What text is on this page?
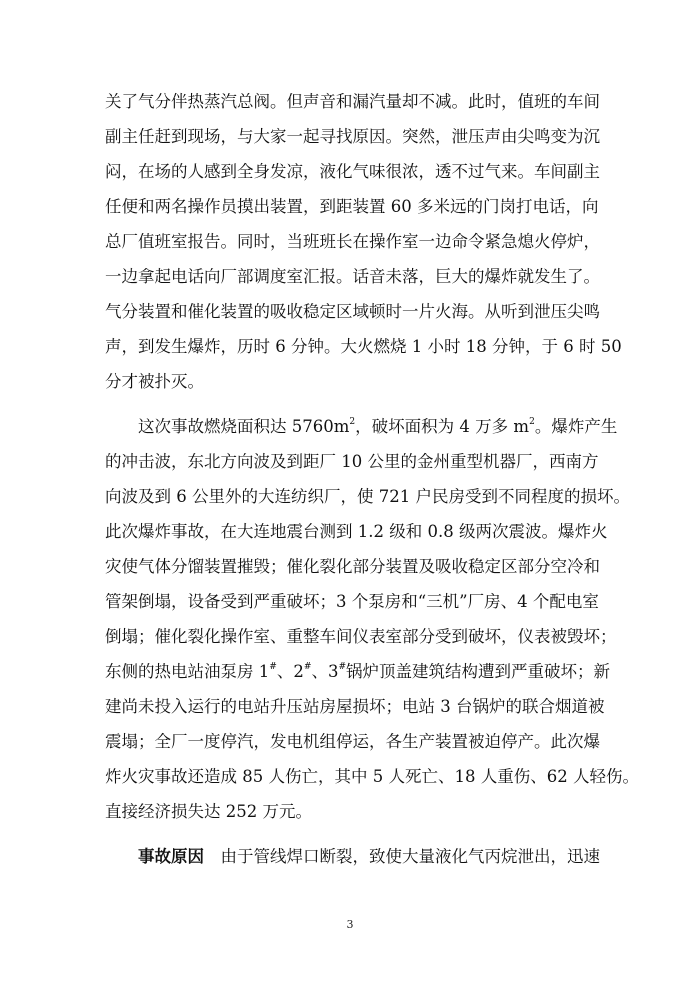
关了气分伴热蒸汽总阀。但声音和漏汽量却不减。此时，值班的车间
副主任赶到现场，与大家一起寻找原因。突然，泄压声由尖鸣变为沉
闷，在场的人感到全身发凉，液化气味很浓，透不过气来。车间副主
任便和两名操作员摸出装置，到距装置 60 多米远的门岗打电话，向
总厂值班室报告。同时，当班班长在操作室一边命令紧急熄火停炉，
一边拿起电话向厂部调度室汇报。话音未落，巨大的爆炸就发生了。
气分装置和催化装置的吸收稳定区域顿时一片火海。从听到泄压尖鸣
声，到发生爆炸，历时 6 分钟。大火燃烧 1 小时 18 分钟，于 6 时 50
分才被扑灭。
这次事故燃烧面积达 $5760m^2$，破坏面积为 4 万多 $m^2$。爆炸产生
的冲击波，东北方向波及到距厂 10 公里的金州重型机器厂，西南方
向波及到 6 公里外的大连纺织厂，使 721 户民房受到不同程度的损坏。
此次爆炸事故，在大连地震台测到 1.2 级和 0.8 级两次震波。爆炸火
灾使气体分馏装置摧毁；催化裂化部分装置及吸收稳定区部分空冷和
管架倒塌，设备受到严重破坏；3 个泵房和“三机”厂房、4 个配电室
倒塌；催化裂化操作室、重整车间仪表室部分受到破坏，仪表被毁坏；
东侧的热电站油泵房 1#、2#、3#锅炉顶盖建筑结构遭到严重破坏；新
建尚未投入运行的电站升压站房屋损坏；电站 3 台锅炉的联合烟道被
震塌；全厂一度停汽，发电机组停运，各生产装置被迫停产。此次爆
炸火灾事故还造成 85 人伤亡，其中 5 人死亡、18 人重伤、62 人轻伤。
直接经济损失达 252 万元。
事故原因  由于管线焊口断裂，致使大量液化气丙烷泄出，迅速
3
